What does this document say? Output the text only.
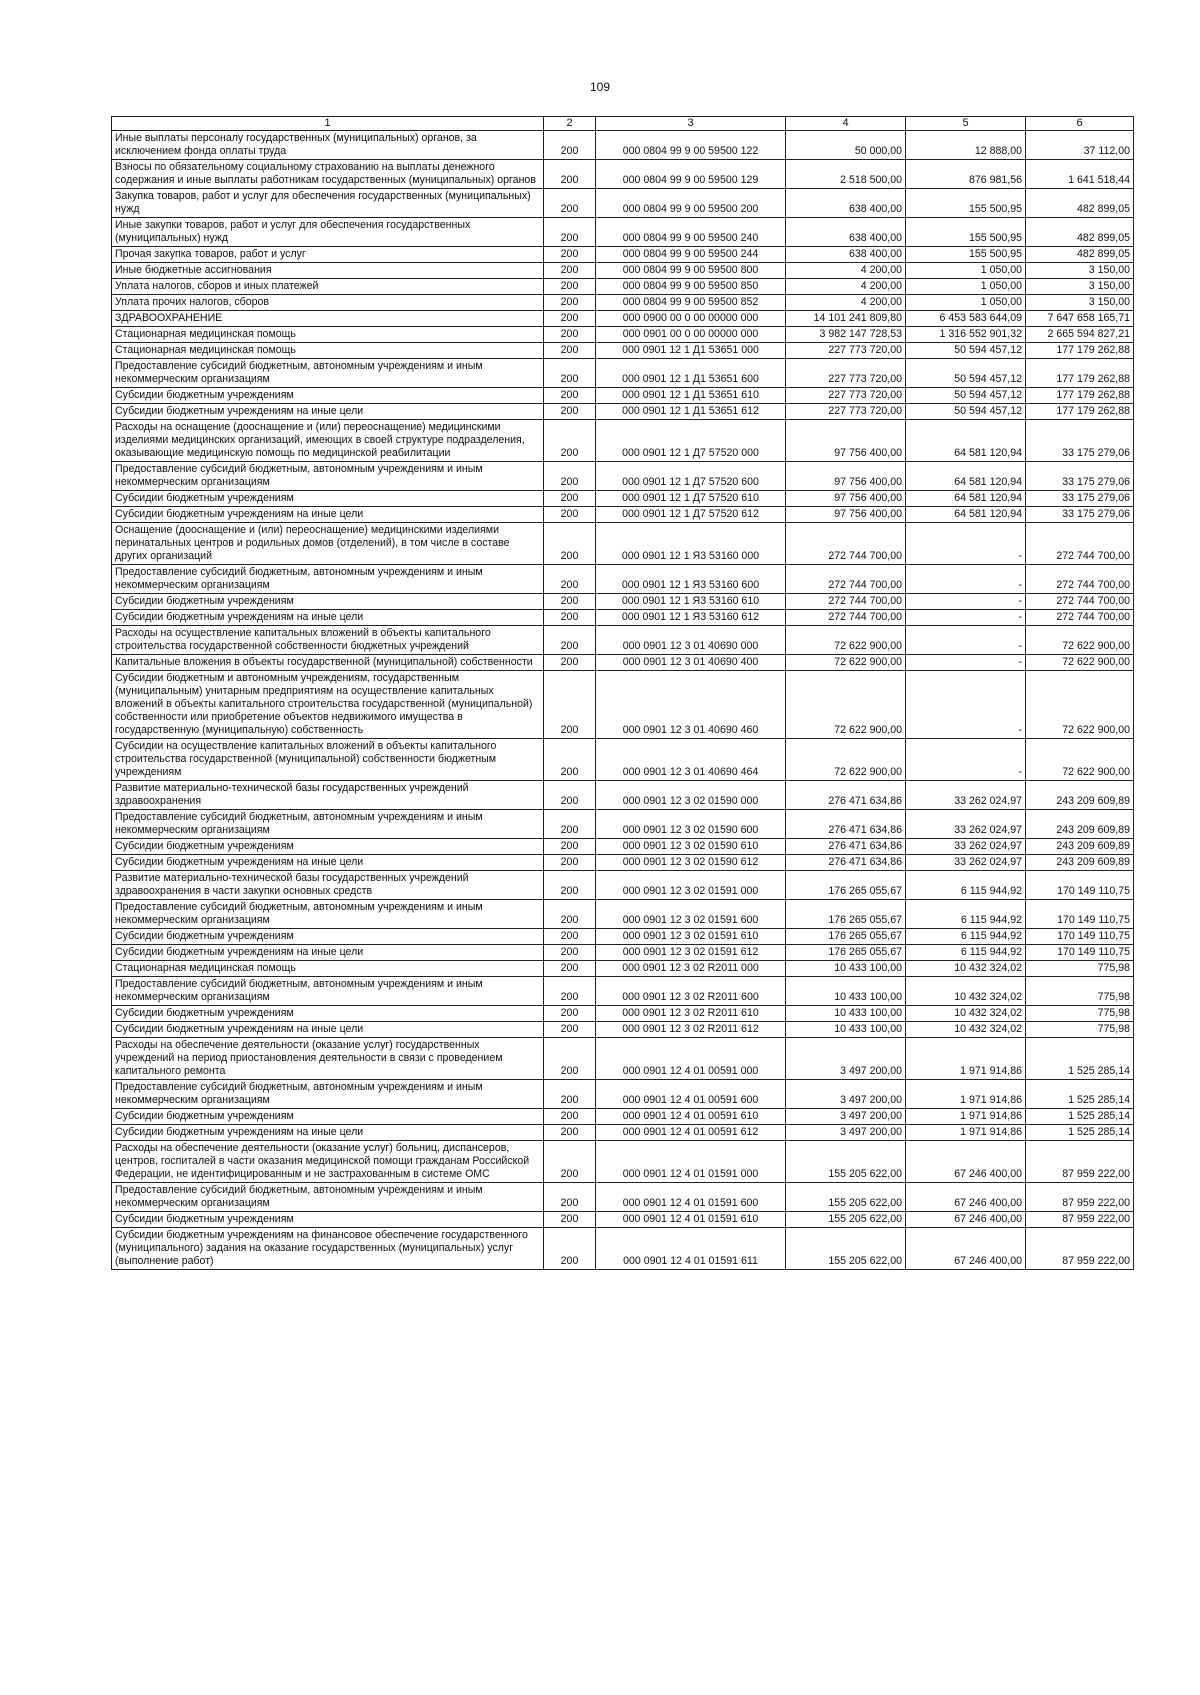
109
1	2	3	4	5	6
Иные выплаты персоналу государственных (муниципальных) органов, за исключением фонда оплаты труда	200	000 0804 99 9 00 59500 122	50 000,00	12 888,00	37 112,00
Взносы по обязательному социальному страхованию на выплаты денежного содержания и иные выплаты работникам государственных (муниципальных) органов	200	000 0804 99 9 00 59500 129	2 518 500,00	876 981,56	1 641 518,44
Закупка товаров, работ и услуг для обеспечения государственных (муниципальных) нужд	200	000 0804 99 9 00 59500 200	638 400,00	155 500,95	482 899,05
Иные закупки товаров, работ и услуг для обеспечения государственных (муниципальных) нужд	200	000 0804 99 9 00 59500 240	638 400,00	155 500,95	482 899,05
Прочая закупка товаров, работ и услуг	200	000 0804 99 9 00 59500 244	638 400,00	155 500,95	482 899,05
Иные бюджетные ассигнования	200	000 0804 99 9 00 59500 800	4 200,00	1 050,00	3 150,00
Уплата налогов, сборов и иных платежей	200	000 0804 99 9 00 59500 850	4 200,00	1 050,00	3 150,00
Уплата прочих налогов, сборов	200	000 0804 99 9 00 59500 852	4 200,00	1 050,00	3 150,00
ЗДРАВООХРАНЕНИЕ	200	000 0900 00 0 00 00000 000	14 101 241 809,80	6 453 583 644,09	7 647 658 165,71
Стационарная медицинская помощь	200	000 0901 00 0 00 00000 000	3 982 147 728,53	1 316 552 901,32	2 665 594 827,21
Стационарная медицинская помощь	200	000 0901 12 1 Д1 53651 000	227 773 720,00	50 594 457,12	177 179 262,88
Предоставление субсидий бюджетным, автономным учреждениям и иным некоммерческим организациям	200	000 0901 12 1 Д1 53651 600	227 773 720,00	50 594 457,12	177 179 262,88
Субсидии бюджетным учреждениям	200	000 0901 12 1 Д1 53651 610	227 773 720,00	50 594 457,12	177 179 262,88
Субсидии бюджетным учреждениям на иные цели	200	000 0901 12 1 Д1 53651 612	227 773 720,00	50 594 457,12	177 179 262,88
Расходы на оснащение (дооснащение и (или) переоснащение) медицинскими изделиями медицинских организаций, имеющих в своей структуре подразделения, оказывающие медицинскую помощь по медицинской реабилитации	200	000 0901 12 1 Д7 57520 000	97 756 400,00	64 581 120,94	33 175 279,06
Предоставление субсидий бюджетным, автономным учреждениям и иным некоммерческим организациям	200	000 0901 12 1 Д7 57520 600	97 756 400,00	64 581 120,94	33 175 279,06
Субсидии бюджетным учреждениям	200	000 0901 12 1 Д7 57520 610	97 756 400,00	64 581 120,94	33 175 279,06
Субсидии бюджетным учреждениям на иные цели	200	000 0901 12 1 Д7 57520 612	97 756 400,00	64 581 120,94	33 175 279,06
Оснащение (дооснащение и (или) переоснащение) медицинскими изделиями перинатальных центров и родильных домов (отделений), в том числе в составе других организаций	200	000 0901 12 1 Я3 53160 000	272 744 700,00	-	272 744 700,00
Предоставление субсидий бюджетным, автономным учреждениям и иным некоммерческим организациям	200	000 0901 12 1 Я3 53160 600	272 744 700,00	-	272 744 700,00
Субсидии бюджетным учреждениям	200	000 0901 12 1 Я3 53160 610	272 744 700,00	-	272 744 700,00
Субсидии бюджетным учреждениям на иные цели	200	000 0901 12 1 Я3 53160 612	272 744 700,00	-	272 744 700,00
Расходы на осуществление капитальных вложений в объекты капитального строительства государственной собственности бюджетных учреждений	200	000 0901 12 3 01 40690 000	72 622 900,00	-	72 622 900,00
Капитальные вложения в объекты государственной (муниципальной) собственности	200	000 0901 12 3 01 40690 400	72 622 900,00	-	72 622 900,00
Субсидии бюджетным и автономным учреждениям, государственным (муниципальным) унитарным предприятиям на осуществление капитальных вложений в объекты капитального строительства государственной (муниципальной) собственности или приобретение объектов недвижимого имущества в государственную (муниципальную) собственность	200	000 0901 12 3 01 40690 460	72 622 900,00	-	72 622 900,00
Субсидии на осуществление капитальных вложений в объекты капитального строительства государственной (муниципальной) собственности бюджетным учреждениям	200	000 0901 12 3 01 40690 464	72 622 900,00	-	72 622 900,00
Развитие материально-технической базы государственных учреждений здравоохранения	200	000 0901 12 3 02 01590 000	276 471 634,86	33 262 024,97	243 209 609,89
Предоставление субсидий бюджетным, автономным учреждениям и иным некоммерческим организациям	200	000 0901 12 3 02 01590 600	276 471 634,86	33 262 024,97	243 209 609,89
Субсидии бюджетным учреждениям	200	000 0901 12 3 02 01590 610	276 471 634,86	33 262 024,97	243 209 609,89
Субсидии бюджетным учреждениям на иные цели	200	000 0901 12 3 02 01590 612	276 471 634,86	33 262 024,97	243 209 609,89
Развитие материально-технической базы государственных учреждений здравоохранения в части закупки основных средств	200	000 0901 12 3 02 01591 000	176 265 055,67	6 115 944,92	170 149 110,75
Предоставление субсидий бюджетным, автономным учреждениям и иным некоммерческим организациям	200	000 0901 12 3 02 01591 600	176 265 055,67	6 115 944,92	170 149 110,75
Субсидии бюджетным учреждениям	200	000 0901 12 3 02 01591 610	176 265 055,67	6 115 944,92	170 149 110,75
Субсидии бюджетным учреждениям на иные цели	200	000 0901 12 3 02 01591 612	176 265 055,67	6 115 944,92	170 149 110,75
Стационарная медицинская помощь	200	000 0901 12 3 02 R2011 000	10 433 100,00	10 432 324,02	775,98
Предоставление субсидий бюджетным, автономным учреждениям и иным некоммерческим организациям	200	000 0901 12 3 02 R2011 600	10 433 100,00	10 432 324,02	775,98
Субсидии бюджетным учреждениям	200	000 0901 12 3 02 R2011 610	10 433 100,00	10 432 324,02	775,98
Субсидии бюджетным учреждениям на иные цели	200	000 0901 12 3 02 R2011 612	10 433 100,00	10 432 324,02	775,98
Расходы на обеспечение деятельности (оказание услуг) государственных учреждений на период приостановления деятельности в связи с проведением капитального ремонта	200	000 0901 12 4 01 00591 000	3 497 200,00	1 971 914,86	1 525 285,14
Предоставление субсидий бюджетным, автономным учреждениям и иным некоммерческим организациям	200	000 0901 12 4 01 00591 600	3 497 200,00	1 971 914,86	1 525 285,14
Субсидии бюджетным учреждениям	200	000 0901 12 4 01 00591 610	3 497 200,00	1 971 914,86	1 525 285,14
Субсидии бюджетным учреждениям на иные цели	200	000 0901 12 4 01 00591 612	3 497 200,00	1 971 914,86	1 525 285,14
Расходы на обеспечение деятельности (оказание услуг) больниц, диспансеров, центров, госпиталей в части оказания медицинской помощи гражданам Российской Федерации, не идентифицированным и не застрахованным в системе ОМС	200	000 0901 12 4 01 01591 000	155 205 622,00	67 246 400,00	87 959 222,00
Предоставление субсидий бюджетным, автономным учреждениям и иным некоммерческим организациям	200	000 0901 12 4 01 01591 600	155 205 622,00	67 246 400,00	87 959 222,00
Субсидии бюджетным учреждениям	200	000 0901 12 4 01 01591 610	155 205 622,00	67 246 400,00	87 959 222,00
Субсидии бюджетным учреждениям на финансовое обеспечение государственного (муниципального) задания на оказание государственных (муниципальных) услуг (выполнение работ)	200	000 0901 12 4 01 01591 611	155 205 622,00	67 246 400,00	87 959 222,00
